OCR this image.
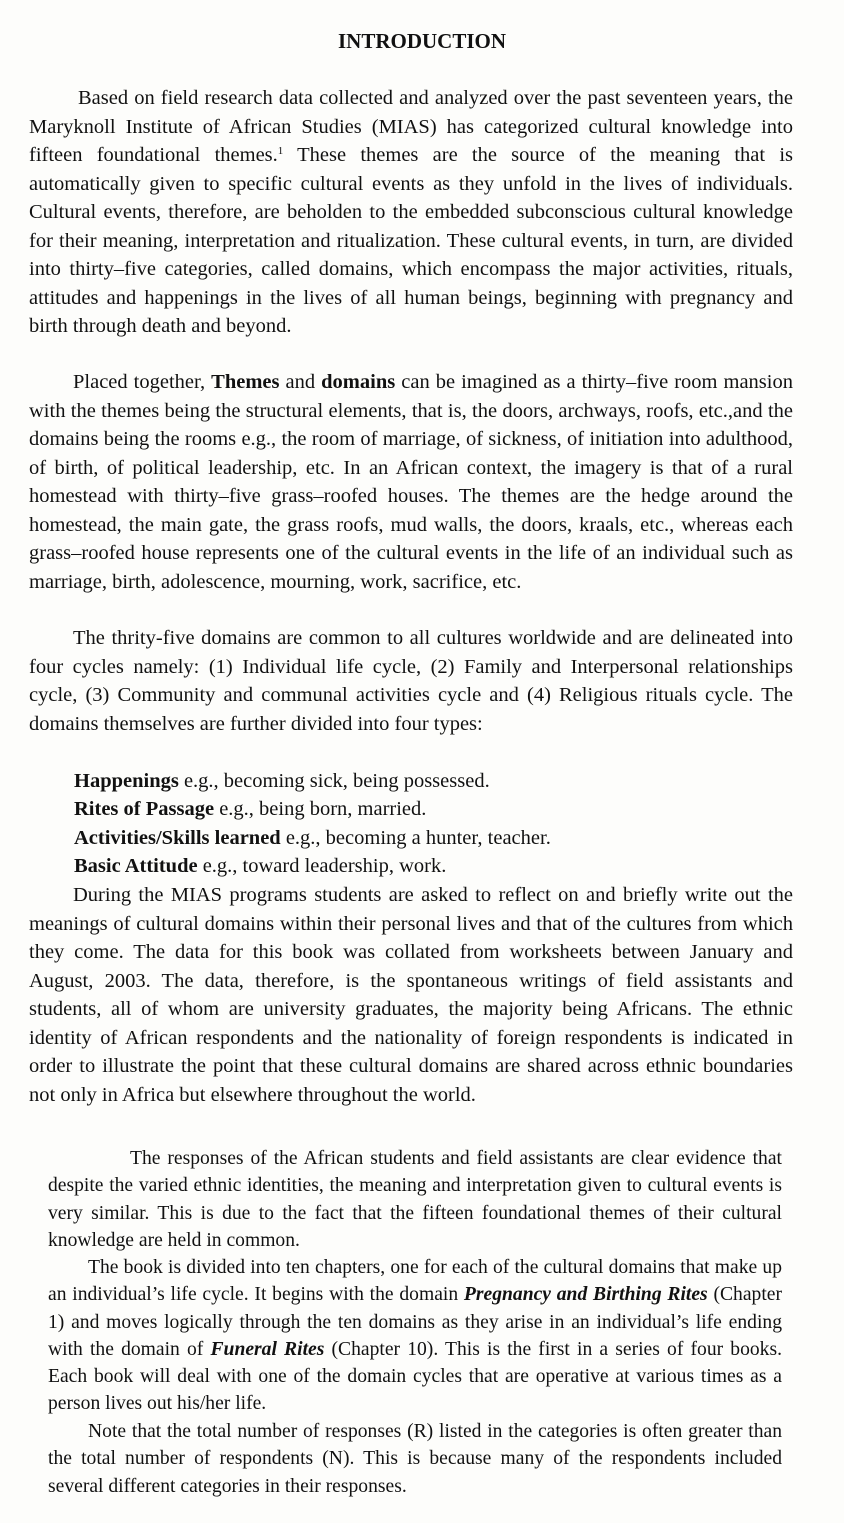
INTRODUCTION

Based on field research data collected and analyzed over the past seventeen years, the Maryknoll Institute of African Studies (MIAS) has categorized cultural knowledge into fifteen foundational themes.$^1$ These themes are the source of the meaning that is automatically given to specific cultural events as they unfold in the lives of individuals. Cultural events, therefore, are beholden to the embedded subconscious cultural knowledge for their meaning, interpretation and ritualization. These cultural events, in turn, are divided into thirty–five categories, called domains, which encompass the major activities, rituals, attitudes and happenings in the lives of all human beings, beginning with pregnancy and birth through death and beyond.

Placed together, Themes and domains can be imagined as a thirty–five room mansion with the themes being the structural elements, that is, the doors, archways, roofs, etc.,and the domains being the rooms e.g., the room of marriage, of sickness, of initiation into adulthood, of birth, of political leadership, etc. In an African context, the imagery is that of a rural homestead with thirty–five grass–roofed houses. The themes are the hedge around the homestead, the main gate, the grass roofs, mud walls, the doors, kraals, etc., whereas each grass–roofed house represents one of the cultural events in the life of an individual such as marriage, birth, adolescence, mourning, work, sacrifice, etc.

The thrity-five domains are common to all cultures worldwide and are delineated into four cycles namely: (1) Individual life cycle, (2) Family and Interpersonal relationships cycle, (3) Community and communal activities cycle and (4) Religious rituals cycle. The domains themselves are further divided into four types:

Happenings e.g., becoming sick, being possessed.

Rites of Passage e.g., being born, married.

Activities/Skills learned e.g., becoming a hunter, teacher.

Basic Attitude e.g., toward leadership, work.

During the MIAS programs students are asked to reflect on and briefly write out the meanings of cultural domains within their personal lives and that of the cultures from which they come. The data for this book was collated from worksheets between January and August, 2003. The data, therefore, is the spontaneous writings of field assistants and students, all of whom are university graduates, the majority being Africans. The ethnic identity of African respondents and the nationality of foreign respondents is indicated in order to illustrate the point that these cultural domains are shared across ethnic boundaries not only in Africa but elsewhere throughout the world.

The responses of the African students and field assistants are clear evidence that despite the varied ethnic identities, the meaning and interpretation given to cultural events is very similar. This is due to the fact that the fifteen foundational themes of their cultural knowledge are held in common.

The book is divided into ten chapters, one for each of the cultural domains that make up an individual’s life cycle. It begins with the domain Pregnancy and Birthing Rites (Chapter 1) and moves logically through the ten domains as they arise in an individual’s life ending with the domain of Funeral Rites (Chapter 10). This is the first in a series of four books. Each book will deal with one of the domain cycles that are operative at various times as a person lives out his/her life.

Note that the total number of responses (R) listed in the categories is often greater than the total number of respondents (N). This is because many of the respondents included several different categories in their responses.
